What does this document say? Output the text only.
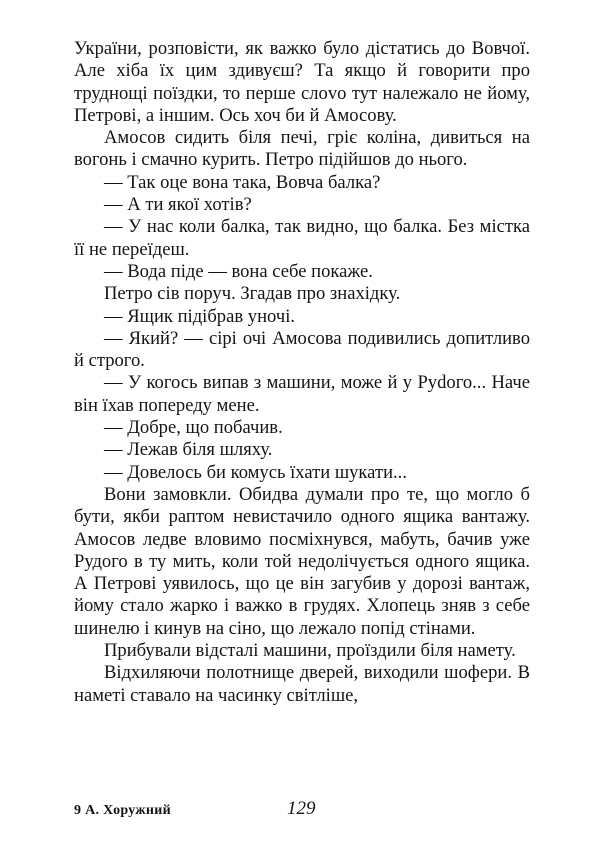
України, розповісти, як важко було дістатись до Вовчої. Але хіба їх цим здивуєш? Та якщо й говорити про труднощі поїздки, то перше слоvo тут належало не йому, Петрові, а іншим. Ось хоч би й Амосову.

Амосов сидить біля печі, гріє коліна, дивиться на вогонь і смачно курить. Петро підійшов до нього.

— Так оце вона така, Вовча балка?

— А ти якої хотів?

— У нас коли балка, так видно, що балка. Без містка її не переїдеш.

— Вода піде — вона себе покаже.

Петро сів поруч. Згадав про знахідку.

— Ящик підібрав уночі.

— Який? — сірі очі Амосова подивились допитливо й строго.

— У когось випав з машини, може й у Руdого... Наче він їхав попереду мене.

— Добре, що побачив.

— Лежав біля шляху.

— Довелось би комусь їхати шукати...

Вони замовкли. Обидва думали про те, що могло б бути, якби раптом невистачило одного ящика вантажу. Амосов ледве вловимо посміхнувся, мабуть, бачив уже Рудого в ту мить, коли той недолічується одного ящика. А Петрові уявилось, що це він загубив у дорозі вантаж, йому стало жарко і важко в грудях. Хлопець зняв з себе шинелю і кинув на сіно, що лежало попід стінами.

Прибували відсталі машини, проїздили біля намету.

Відхиляючи полотнище дверей, виходили шофери. В наметі ставало на часинку світліше,

9 А. Хоружний	129
